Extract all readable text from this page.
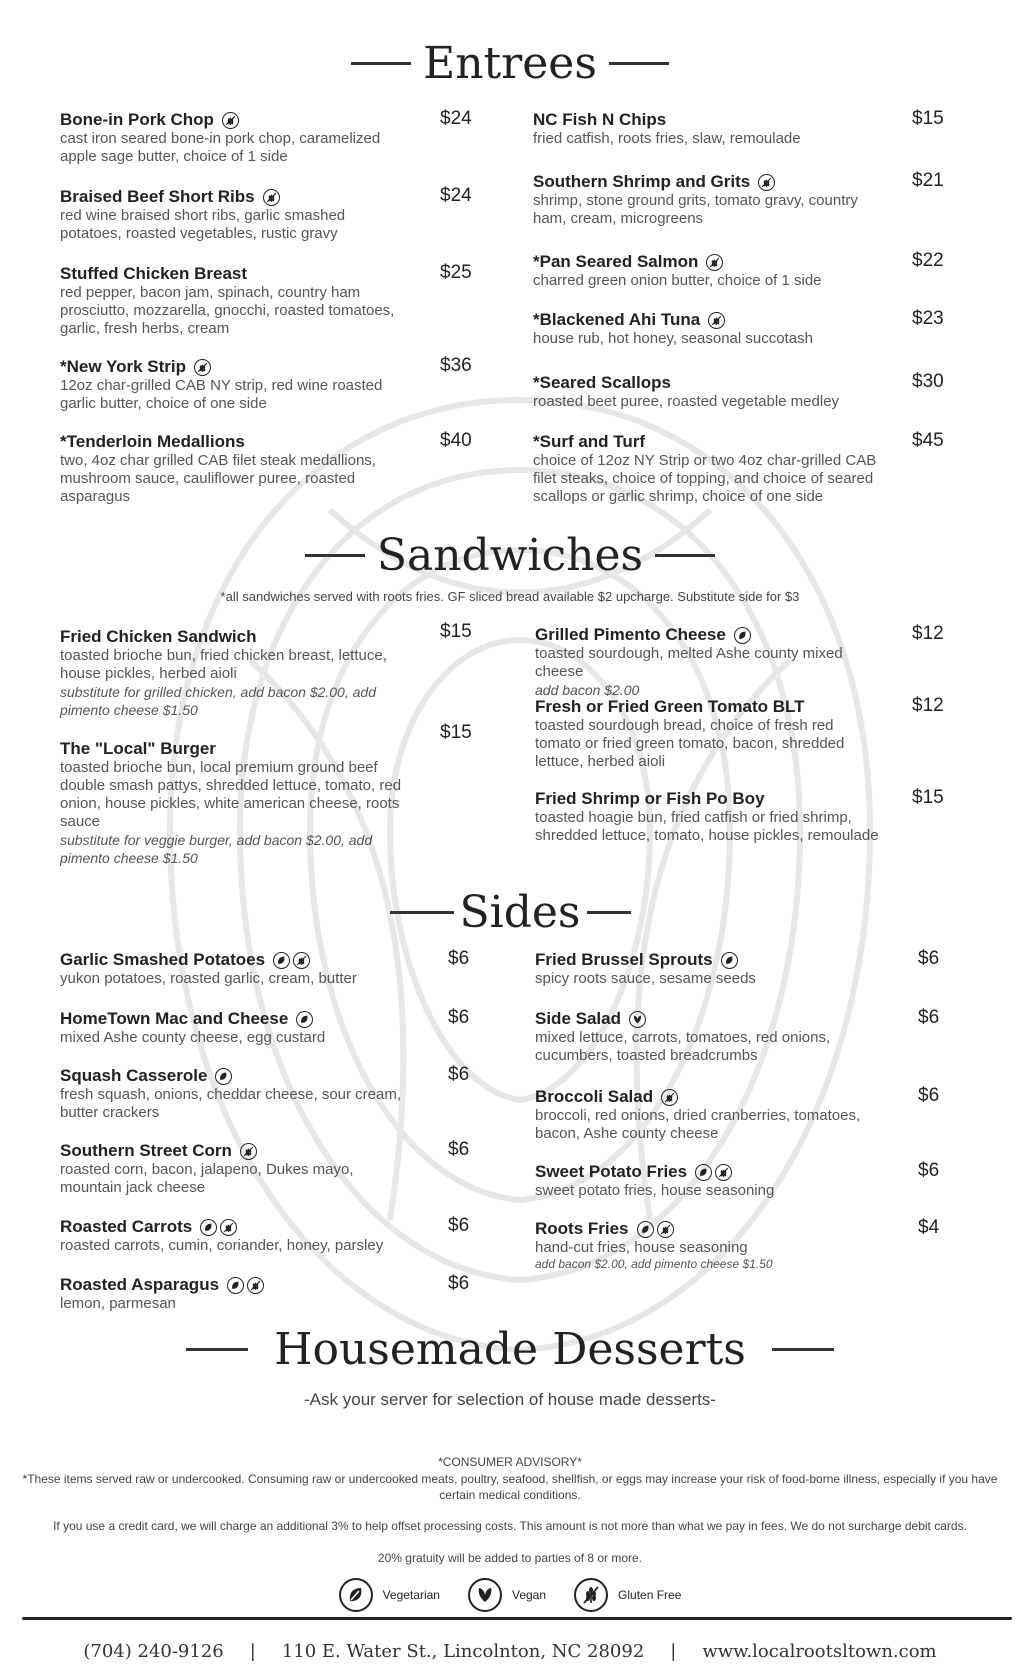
Entrees
Bone-in Pork Chop
cast iron seared bone-in pork chop, caramelized apple sage butter, choice of 1 side
$24
Braised Beef Short Ribs
red wine braised short ribs, garlic smashed potatoes, roasted vegetables, rustic gravy
$24
Stuffed Chicken Breast
red pepper, bacon jam, spinach, country ham prosciutto, mozzarella, gnocchi, roasted tomatoes, garlic, fresh herbs, cream
$25
*New York Strip
12oz char-grilled CAB NY strip, red wine roasted garlic butter, choice of one side
$36
*Tenderloin Medallions
two, 4oz char grilled CAB filet steak medallions, mushroom sauce, cauliflower puree, roasted asparagus
$40
NC Fish N Chips
fried catfish, roots fries, slaw, remoulade
$15
Southern Shrimp and Grits
shrimp, stone ground grits, tomato gravy, country ham, cream, microgreens
$21
*Pan Seared Salmon
charred green onion butter, choice of 1 side
$22
*Blackened Ahi Tuna
house rub, hot honey, seasonal succotash
$23
*Seared Scallops
roasted beet puree, roasted vegetable medley
$30
*Surf and Turf
choice of 12oz NY Strip or two 4oz char-grilled CAB filet steaks, choice of topping, and choice of seared scallops or garlic shrimp, choice of one side
$45
Sandwiches
*all sandwiches served with roots fries. GF sliced bread available $2 upcharge. Substitute side for $3
Fried Chicken Sandwich
toasted brioche bun, fried chicken breast, lettuce, house pickles, herbed aioli
substitute for grilled chicken, add bacon $2.00, add pimento cheese $1.50
$15
The "Local" Burger
toasted brioche bun, local premium ground beef double smash pattys, shredded lettuce, tomato, red onion, house pickles, white american cheese, roots sauce
substitute for veggie burger, add bacon $2.00, add pimento cheese $1.50
$15
Grilled Pimento Cheese
toasted sourdough, melted Ashe county mixed cheese
add bacon $2.00
$12
Fresh or Fried Green Tomato BLT
toasted sourdough bread, choice of fresh red tomato or fried green tomato, bacon, shredded lettuce, herbed aioli
$12
Fried Shrimp or Fish Po Boy
toasted hoagie bun, fried catfish or fried shrimp, shredded lettuce, tomato, house pickles, remoulade
$15
Sides
Garlic Smashed Potatoes
yukon potatoes, roasted garlic, cream, butter
$6
HomeTown Mac and Cheese
mixed Ashe county cheese, egg custard
$6
Squash Casserole
fresh squash, onions, cheddar cheese, sour cream, butter crackers
$6
Southern Street Corn
roasted corn, bacon, jalapeno, Dukes mayo, mountain jack cheese
$6
Roasted Carrots
roasted carrots, cumin, coriander, honey, parsley
$6
Roasted Asparagus
lemon, parmesan
$6
Fried Brussel Sprouts
spicy roots sauce, sesame seeds
$6
Side Salad
mixed lettuce, carrots, tomatoes, red onions, cucumbers, toasted breadcrumbs
$6
Broccoli Salad
broccoli, red onions, dried cranberries, tomatoes, bacon, Ashe county cheese
$6
Sweet Potato Fries
sweet potato fries, house seasoning
$6
Roots Fries
hand-cut fries, house seasoning
add bacon $2.00, add pimento cheese $1.50
$4
Housemade Desserts
-Ask your server for selection of house made desserts-
*CONSUMER ADVISORY*
*These items served raw or undercooked. Consuming raw or undercooked meats, poultry, seafood, shellfish, or eggs may increase your risk of food-borne illness, especially if you have certain medical conditions.
If you use a credit card, we will charge an additional 3% to help offset processing costs. This amount is not more than what we pay in fees. We do not surcharge debit cards.
20% gratuity will be added to parties of 8 or more.
Vegetarian	Vegan	Gluten Free
(704) 240-9126 | 110 E. Water St., Lincolnton, NC 28092 | www.localrootsltown.com
